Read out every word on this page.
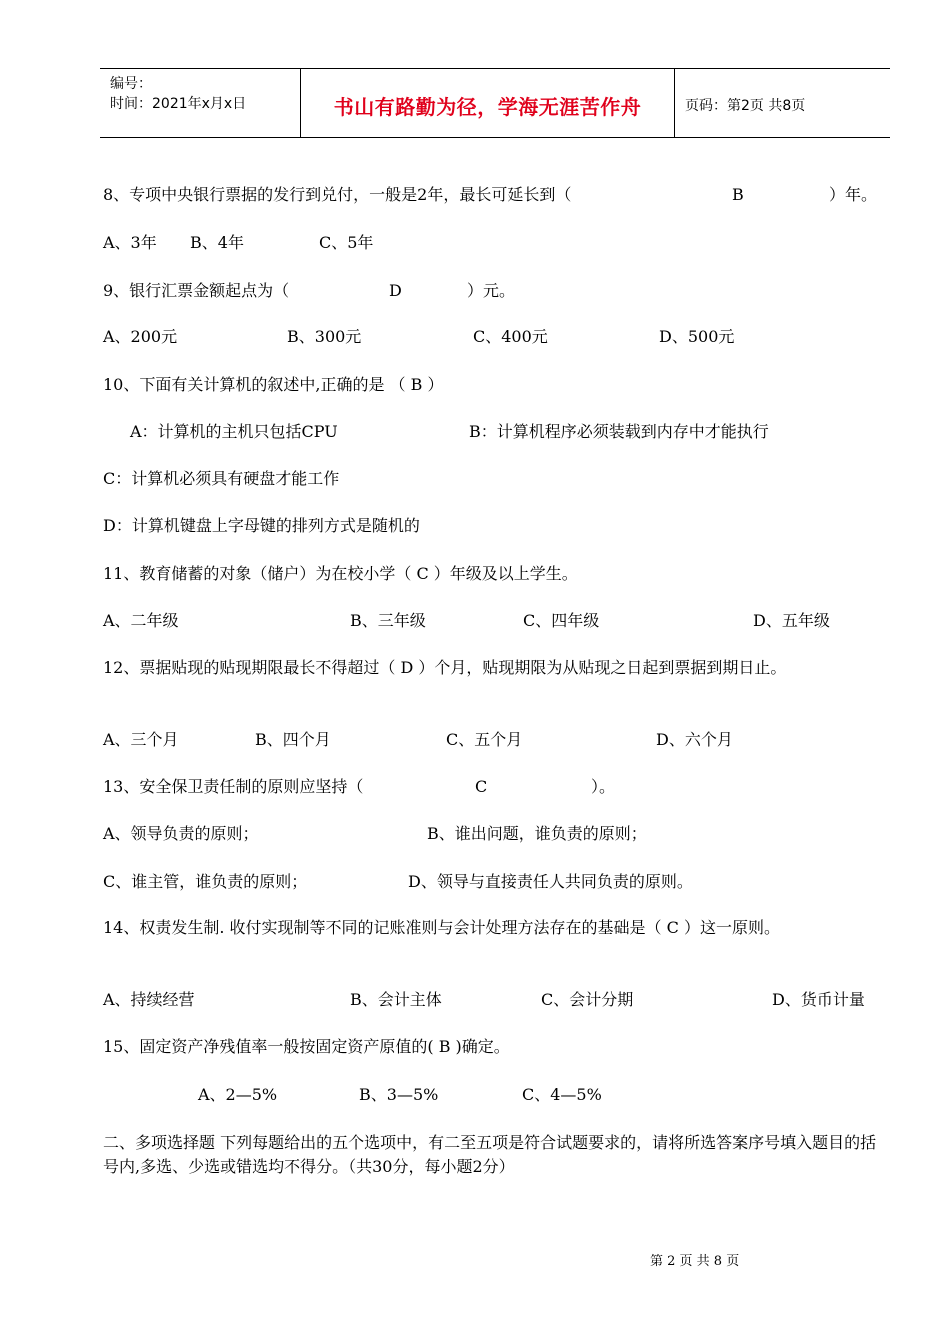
编号：
时间：2021年x月x日	书山有路勤为径，学海无涯苦作舟	页码：第2页 共8页
8、专项中央银行票据的发行到兑付，一般是2年，最长可延长到（	B	）年。
A、3年 B、4年	C、5年
9、银行汇票金额起点为（	D	）元。
A、200元	B、300元	C、400元	D、500元
10、下面有关计算机的叙述中,正确的是 （ B ）
A：计算机的主机只包括CPU	B：计算机程序必须装载到内存中才能执行
C：计算机必须具有硬盘才能工作
D：计算机键盘上字母键的排列方式是随机的
11、教育储蓄的对象（储户）为在校小学（ C ）年级及以上学生。
A、二年级	B、三年级	C、四年级	D、五年级
12、票据贴现的贴现期限最长不得超过（ D ）个月，贴现期限为从贴现之日起到票据到期日止。
A、三个月	B、四个月	C、五个月	D、六个月
13、安全保卫责任制的原则应坚持（	C	）。
A、领导负责的原则；	B、谁出问题，谁负责的原则；
C、谁主管，谁负责的原则；	D、领导与直接责任人共同负责的原则。
14、权责发生制. 收付实现制等不同的记账准则与会计处理方法存在的基础是（ C ）这一原则。
A、持续经营	B、会计主体	C、会计分期	D、货币计量
15、固定资产净残值率一般按固定资产原值的( B )确定。
A、2—5%	B、3—5%	C、4—5%
二、多项选择题 下列每题给出的五个选项中，有二至五项是符合试题要求的，请将所选答案序号填入题目的括号内,多选、少选或错选均不得分。（共30分，每小题2分）
第 2 页 共 8 页
